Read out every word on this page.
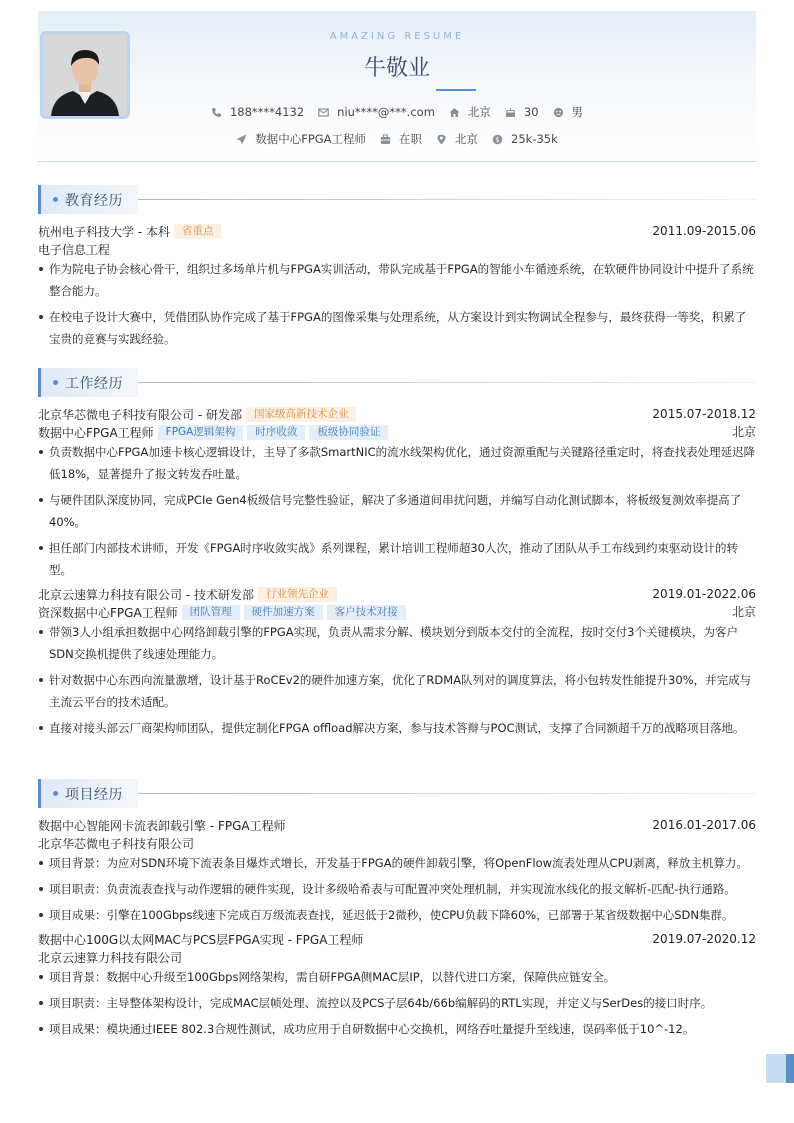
AMAZING RESUME
牛敬业
188****4132	niu****@***.com	北京	30	男
数据中心FPGA工程师	在职	北京 $ 25k-35k
教育经历
杭州电子科技大学 - 本科	省重点	2011.09-2015.06
电子信息工程
作为院电子协会核心骨干，组织过多场单片机与FPGA实训活动，带队完成基于FPGA的智能小车循迹系统，在软硬件协同设计中提升了系统整合能力。
在校电子设计大赛中，凭借团队协作完成了基于FPGA的图像采集与处理系统，从方案设计到实物调试全程参与，最终获得一等奖，积累了宝贵的竞赛与实践经验。
工作经历
北京华芯微电子科技有限公司 - 研发部	国家级高新技术企业	2015.07-2018.12
数据中心FPGA工程师	FPGA逻辑架构	时序收敛	板级协同验证	北京
负责数据中心FPGA加速卡核心逻辑设计，主导了多款SmartNIC的流水线架构优化，通过资源重配与关键路径重定时，将查找表处理延迟降低18%，显著提升了报文转发吞吐量。
与硬件团队深度协同，完成PCIe Gen4板级信号完整性验证，解决了多通道间串扰问题，并编写自动化测试脚本，将板级复测效率提高了40%。
担任部门内部技术讲师，开发《FPGA时序收敛实战》系列课程，累计培训工程师超30人次，推动了团队从手工布线到约束驱动设计的转型。
北京云速算力科技有限公司 - 技术研发部	行业领先企业	2019.01-2022.06
资深数据中心FPGA工程师	团队管理	硬件加速方案	客户技术对接	北京
带领3人小组承担数据中心网络卸载引擎的FPGA实现，负责从需求分解、模块划分到版本交付的全流程，按时交付3个关键模块，为客户SDN交换机提供了线速处理能力。
针对数据中心东西向流量激增，设计基于RoCEv2的硬件加速方案，优化了RDMA队列对的调度算法，将小包转发性能提升30%，并完成与主流云平台的技术适配。
直接对接头部云厂商架构师团队，提供定制化FPGA offload解决方案，参与技术答辩与POC测试，支撑了合同额超千万的战略项目落地。
项目经历
数据中心智能网卡流表卸载引擎 - FPGA工程师	2016.01-2017.06
北京华芯微电子科技有限公司
项目背景：为应对SDN环境下流表条目爆炸式增长，开发基于FPGA的硬件卸载引擎，将OpenFlow流表处理从CPU剥离，释放主机算力。
项目职责：负责流表查找与动作逻辑的硬件实现，设计多级哈希表与可配置冲突处理机制，并实现流水线化的报文解析-匹配-执行通路。
项目成果：引擎在100Gbps线速下完成百万级流表查找，延迟低于2微秒，使CPU负载下降60%，已部署于某省级数据中心SDN集群。
数据中心100G以太网MAC与PCS层FPGA实现 - FPGA工程师	2019.07-2020.12
北京云速算力科技有限公司
项目背景：数据中心升级至100Gbps网络架构，需自研FPGA侧MAC层IP，以替代进口方案，保障供应链安全。
项目职责：主导整体架构设计，完成MAC层帧处理、流控以及PCS子层64b/66b编解码的RTL实现，并定义与SerDes的接口时序。
项目成果：模块通过IEEE 802.3合规性测试，成功应用于自研数据中心交换机，网络吞吐量提升至线速，误码率低于10^-12。
